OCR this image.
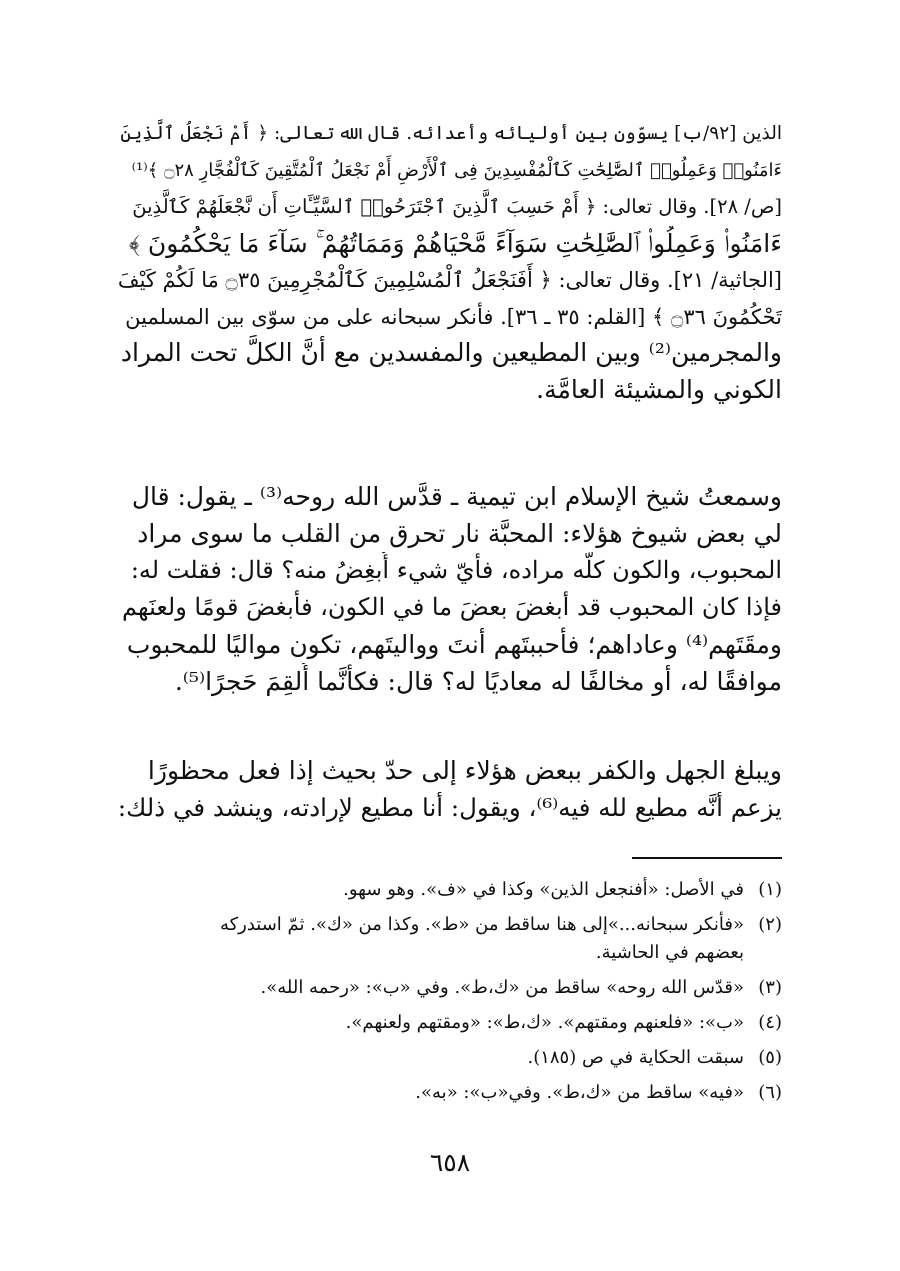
الذين [٩٢/ب] يسوّون بين أوليائه وأعدائه. قال الله تعالى: ﴿ أَمْ نَجْعَلُ ٱلَّذِينَ
ءَامَنُوا۟ وَعَمِلُوا۟ ٱلصَّٰلِحَٰتِ كَٱلْمُفْسِدِينَ فِى ٱلْأَرْضِ أَمْ نَجْعَلُ ٱلْمُتَّقِينَ كَٱلْفُجَّارِ ۝٢٨ ﴾⁽¹⁾
[ص/ ٢٨]. وقال تعالى: ﴿ أَمْ حَسِبَ ٱلَّذِينَ ٱجْتَرَحُوا۟ ٱلسَّيِّـَٔاتِ أَن نَّجْعَلَهُمْ كَٱلَّذِينَ
ءَامَنُوا۟ وَعَمِلُوا۟ ٱلصَّٰلِحَٰتِ سَوَآءً مَّحْيَاهُمْ وَمَمَاتُهُمْ ۚ سَآءَ مَا يَحْكُمُونَ ﴾
[الجاثية/ ٢١]. وقال تعالى: ﴿ أَفَنَجْعَلُ ٱلْمُسْلِمِينَ كَٱلْمُجْرِمِينَ ۝٣٥ مَا لَكُمْ كَيْفَ
تَحْكُمُونَ ۝٣٦ ﴾ [القلم: ٣٥ ـ ٣٦]. فأنكر سبحانه على من سوّى بين المسلمين
والمجرمين⁽²⁾ وبين المطيعين والمفسدين مع أنَّ الكلَّ تحت المراد
الكوني والمشيئة العامَّة.
وسمعتُ شيخ الإسلام ابن تيمية ـ قدَّس الله روحه⁽³⁾ ـ يقول: قال
لي بعض شيوخ هؤلاء: المحبَّة نار تحرق من القلب ما سوى مراد
المحبوب، والكون كلّه مراده، فأيّ شيء أُبغِضُ منه؟ قال: فقلت له:
فإذا كان المحبوب قد أبغضَ بعضَ ما في الكون، فأبغضَ قومًا ولعنَهم
ومقَتَهم⁽⁴⁾ وعاداهم؛ فأحببتَهم أنتَ وواليتَهم، تكون مواليًا للمحبوب
موافقًا له، أو مخالفًا له معاديًا له؟ قال: فكأنَّما أُلقِمَ حَجرًا⁽⁵⁾.
ويبلغ الجهل والكفر ببعض هؤلاء إلى حدّ بحيث إذا فعل محظورًا
يزعم أنَّه مطيع لله فيه⁽⁶⁾، ويقول: أنا مطيع لإرادته، وينشد في ذلك:
(١)
في الأصل: «أفنجعل الذين» وكذا في «ف». وهو سهو.
(٢)
«فأنكر سبحانه...»إلى هنا ساقط من «ط». وكذا من «ك». ثمّ استدركه
بعضهم في الحاشية.
(٣)
«قدّس الله روحه» ساقط من «ك،ط». وفي «ب»: «رحمه الله».
(٤)
«ب»: «فلعنهم ومقتهم». «ك،ط»: «ومقتهم ولعنهم».
(٥)
سبقت الحكاية في ص (١٨٥).
(٦)
«فيه» ساقط من «ك،ط». وفي«ب»: «به».
٦٥٨
